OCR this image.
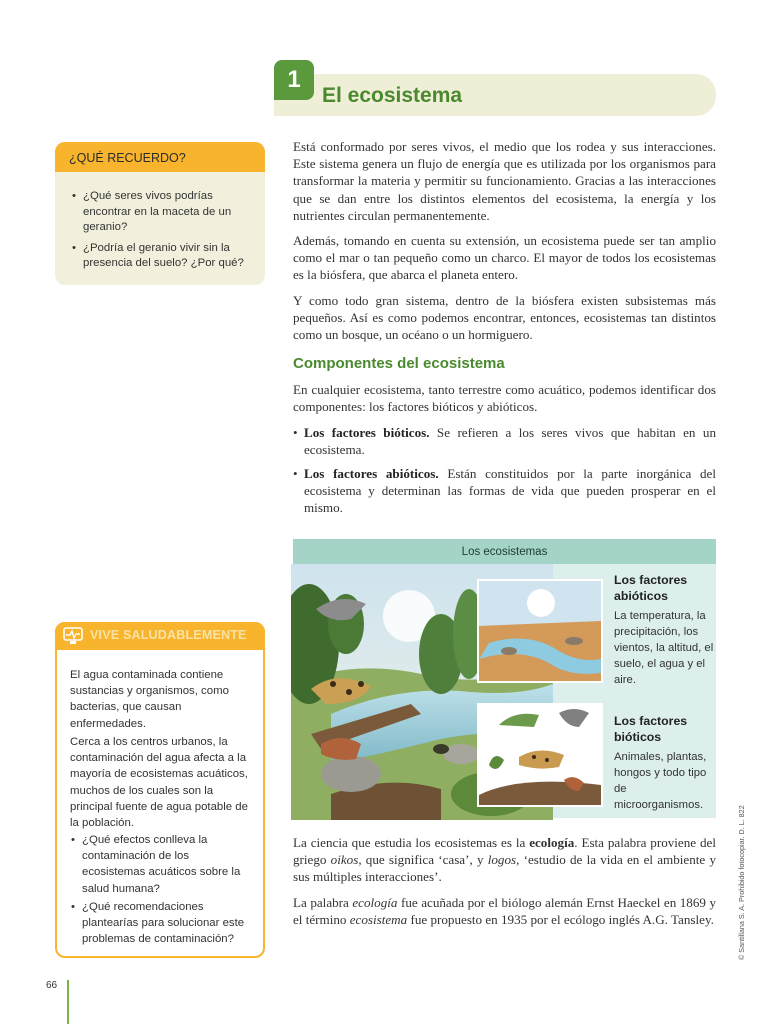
1
El ecosistema

Está conformado por seres vivos, el medio que los rodea y sus interacciones. Este sistema genera un flujo de energía que es utilizada por los organismos para transformar la materia y permitir su funcionamiento. Gracias a las interacciones que se dan entre los distintos elementos del ecosistema, la energía y los nutrientes circulan permanentemente.

Además, tomando en cuenta su extensión, un ecosistema puede ser tan amplio como el mar o tan pequeño como un charco. El mayor de todos los ecosistemas es la biósfera, que abarca el planeta entero.

Y como todo gran sistema, dentro de la biósfera existen subsistemas más pequeños. Así es como podemos encontrar, entonces, ecosistemas tan distintos como un bosque, un océano o un hormiguero.

Componentes del ecosistema

En cualquier ecosistema, tanto terrestre como acuático, podemos identificar dos componentes: los factores bióticos y abióticos.

• Los factores bióticos. Se refieren a los seres vivos que habitan en un ecosistema.
• Los factores abióticos. Están constituidos por la parte inorgánica del ecosistema y determinan las formas de vida que pueden prosperar en el mismo.
Los ecosistemas
Los factores abióticos
La temperatura, la precipitación, los vientos, la altitud, el suelo, el agua y el aire.
Los factores bióticos
Animales, plantas, hongos y todo tipo de microorganismos.

La ciencia que estudia los ecosistemas es la ecología. Esta palabra proviene del griego oikos, que significa ‘casa’, y logos, ‘estudio de la vida en el ambiente y sus múltiples interacciones’.

La palabra ecología fue acuñada por el biólogo alemán Ernst Haeckel en 1869 y el término ecosistema fue propuesto en 1935 por el ecólogo inglés A.G. Tansley.

¿QUÉ RECUERDO?
• ¿Qué seres vivos podrías encontrar en la maceta de un geranio?
• ¿Podría el geranio vivir sin la presencia del suelo? ¿Por qué?
VIVE SALUDABLEMENTE
El agua contaminada contiene sustancias y organismos, como bacterias, que causan enfermedades.
Cerca a los centros urbanos, la contaminación del agua afecta a la mayoría de ecosistemas acuáticos, muchos de los cuales son la principal fuente de agua potable de la población.
• ¿Qué efectos conlleva la contaminación de los ecosistemas acuáticos sobre la salud humana?
• ¿Qué recomendaciones plantearías para solucionar este problemas de contaminación?
66
© Santillana S. A. Prohibido fotocopiar. D. L. 822
